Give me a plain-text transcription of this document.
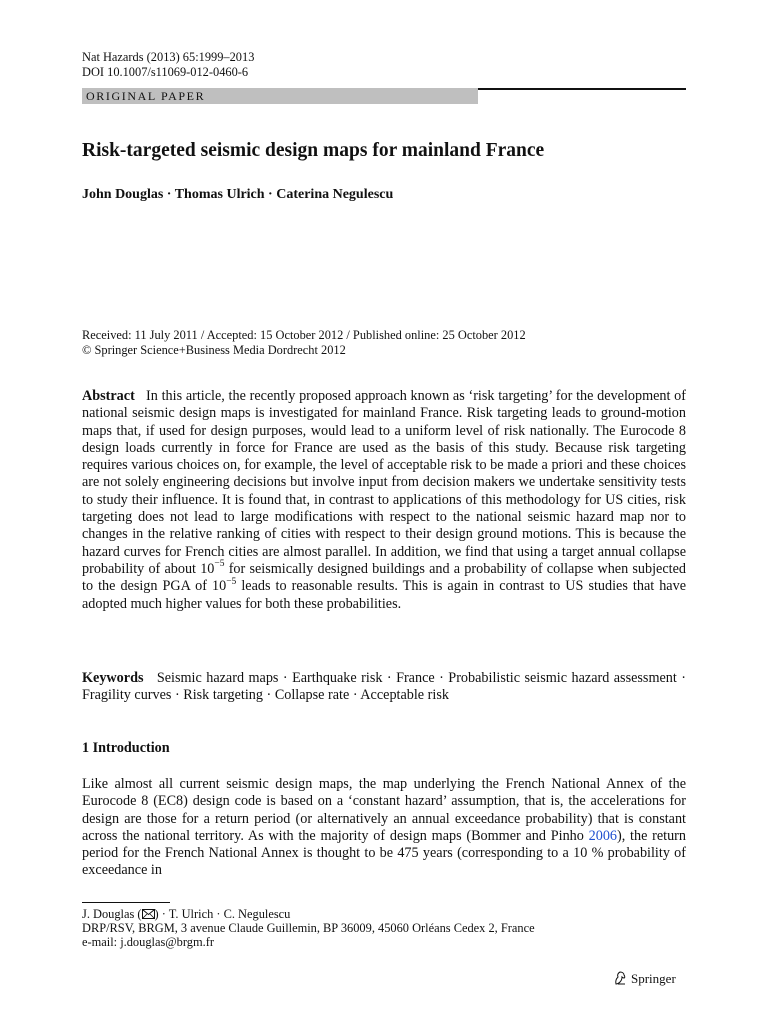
Nat Hazards (2013) 65:1999–2013
DOI 10.1007/s11069-012-0460-6
ORIGINAL PAPER
Risk-targeted seismic design maps for mainland France
John Douglas · Thomas Ulrich · Caterina Negulescu
Received: 11 July 2011 / Accepted: 15 October 2012 / Published online: 25 October 2012
© Springer Science+Business Media Dordrecht 2012
Abstract In this article, the recently proposed approach known as ‘risk targeting’ for the development of national seismic design maps is investigated for mainland France. Risk targeting leads to ground-motion maps that, if used for design purposes, would lead to a uniform level of risk nationally. The Eurocode 8 design loads currently in force for France are used as the basis of this study. Because risk targeting requires various choices on, for example, the level of acceptable risk to be made a priori and these choices are not solely engineering decisions but involve input from decision makers we undertake sensitivity tests to study their influence. It is found that, in contrast to applications of this methodology for US cities, risk targeting does not lead to large modifications with respect to the national seismic hazard map nor to changes in the relative ranking of cities with respect to their design ground motions. This is because the hazard curves for French cities are almost parallel. In addition, we find that using a target annual collapse probability of about $10^{-5}$ for seismically designed buildings and a probability of collapse when subjected to the design PGA of $10^{-5}$ leads to reasonable results. This is again in contrast to US studies that have adopted much higher values for both these probabilities.
Keywords Seismic hazard maps · Earthquake risk · France · Probabilistic seismic hazard assessment · Fragility curves · Risk targeting · Collapse rate · Acceptable risk
1 Introduction
Like almost all current seismic design maps, the map underlying the French National Annex of the Eurocode 8 (EC8) design code is based on a ‘constant hazard’ assumption, that is, the accelerations for design are those for a return period (or alternatively an annual exceedance probability) that is constant across the national territory. As with the majority of design maps (Bommer and Pinho 2006), the return period for the French National Annex is thought to be 475 years (corresponding to a 10 % probability of exceedance in
J. Douglas ( ) · T. Ulrich · C. Negulescu
DRP/RSV, BRGM, 3 avenue Claude Guillemin, BP 36009, 45060 Orléans Cedex 2, France
e-mail: j.douglas@brgm.fr
Springer
